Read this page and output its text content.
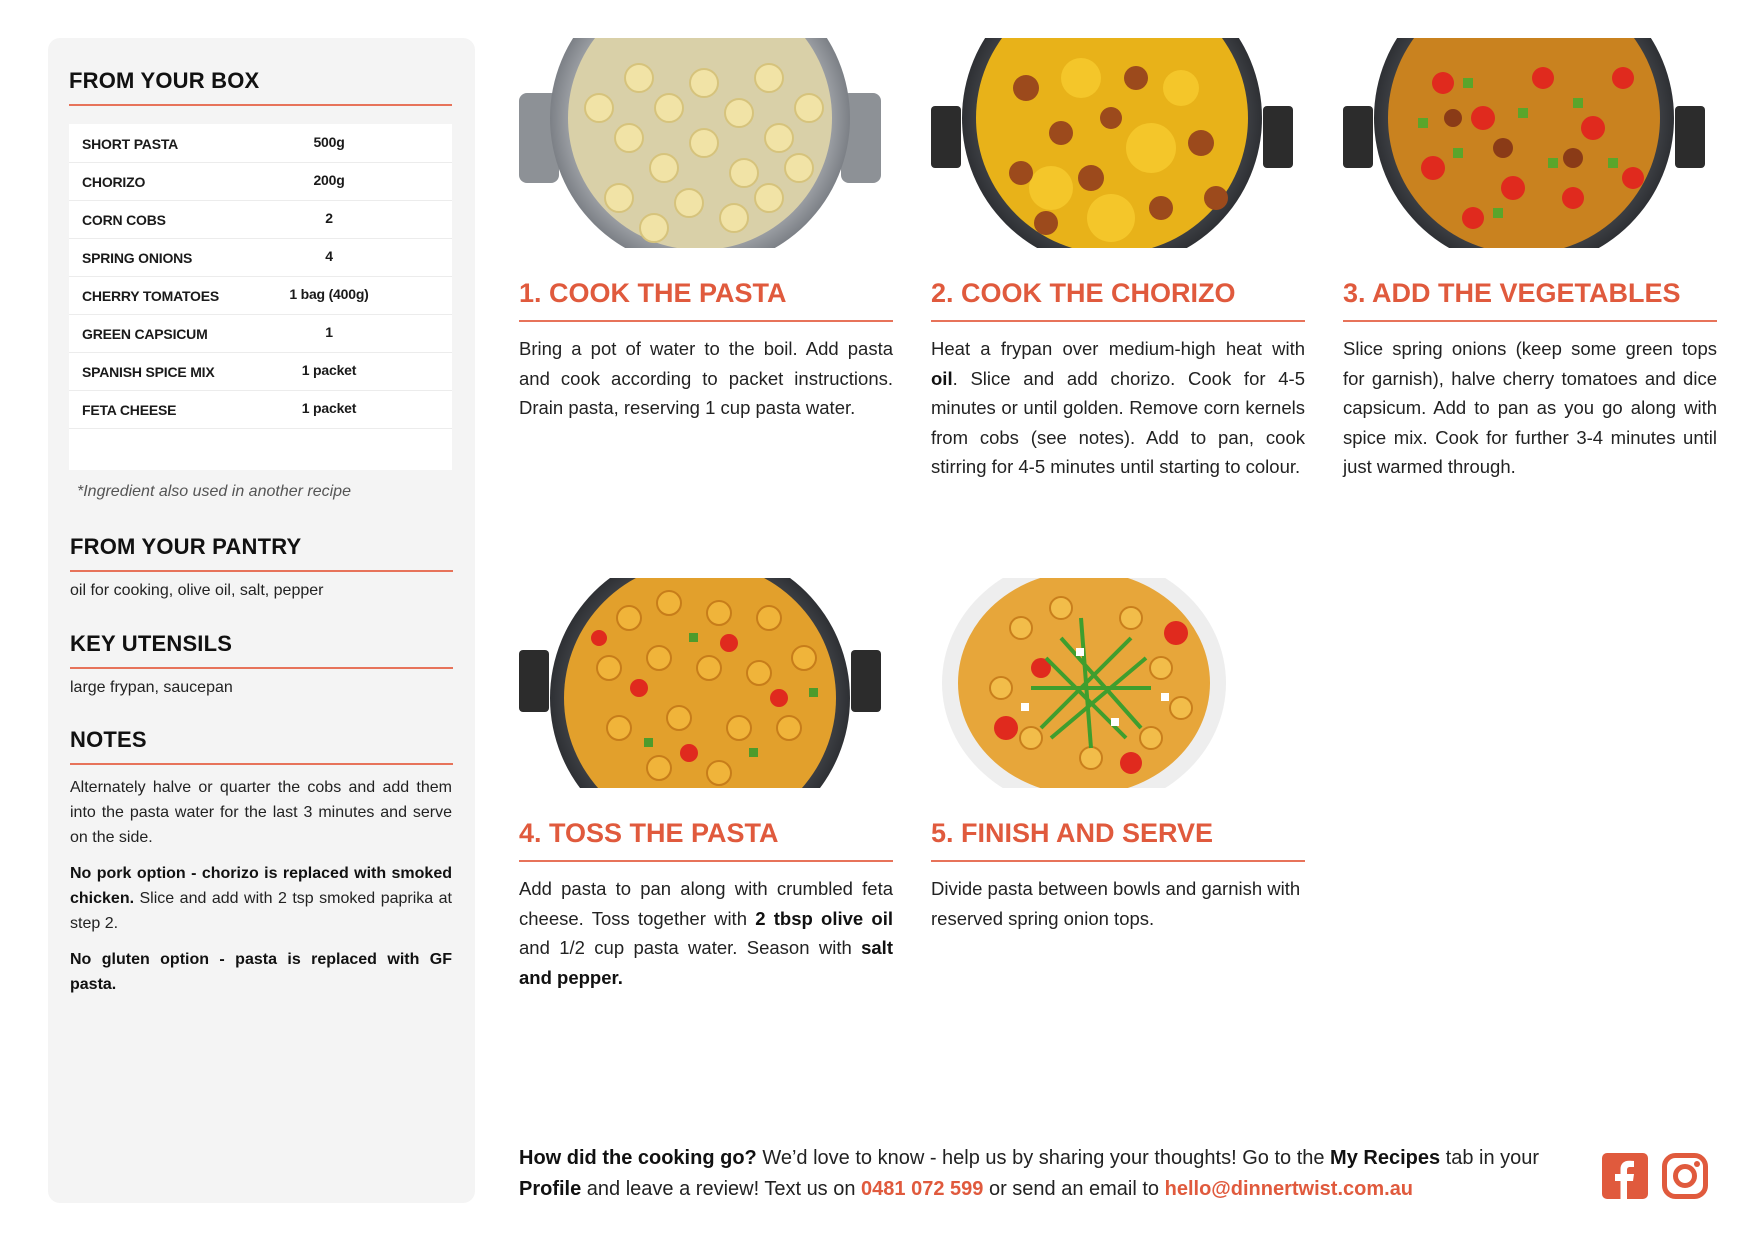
FROM YOUR BOX
SHORT PASTA	500g
CHORIZO	200g
CORN COBS	2
SPRING ONIONS	4
CHERRY TOMATOES	1 bag (400g)
GREEN CAPSICUM	1
SPANISH SPICE MIX	1 packet
FETA CHEESE	1 packet
*Ingredient also used in another recipe
FROM YOUR PANTRY
oil for cooking, olive oil, salt, pepper
KEY UTENSILS
large frypan, saucepan
NOTES

Alternately halve or quarter the cobs and add them into the pasta water for the last 3 minutes and serve on the side.

No pork option - chorizo is replaced with smoked chicken. Slice and add with 2 tsp smoked paprika at step 2.

No gluten option - pasta is replaced with GF pasta.

1. COOK THE PASTA
Bring a pot of water to the boil. Add pasta and cook according to packet instructions. Drain pasta, reserving 1 cup pasta water.
2. COOK THE CHORIZO
Heat a frypan over medium-high heat with oil. Slice and add chorizo. Cook for 4-5 minutes or until golden. Remove corn kernels from cobs (see notes). Add to pan, cook stirring for 4-5 minutes until starting to colour.
3. ADD THE VEGETABLES
Slice spring onions (keep some green tops for garnish), halve cherry tomatoes and dice capsicum. Add to pan as you go along with spice mix. Cook for further 3-4 minutes until just warmed through.
4. TOSS THE PASTA
Add pasta to pan along with crumbled feta cheese. Toss together with 2 tbsp olive oil and 1/2 cup pasta water. Season with salt and pepper.
5. FINISH AND SERVE
Divide pasta between bowls and garnish with reserved spring onion tops.
How did the cooking go? We’d love to know - help us by sharing your thoughts! Go to the My Recipes tab in your Profile and leave a review! Text us on 0481 072 599 or send an email to hello@dinnertwist.com.au
